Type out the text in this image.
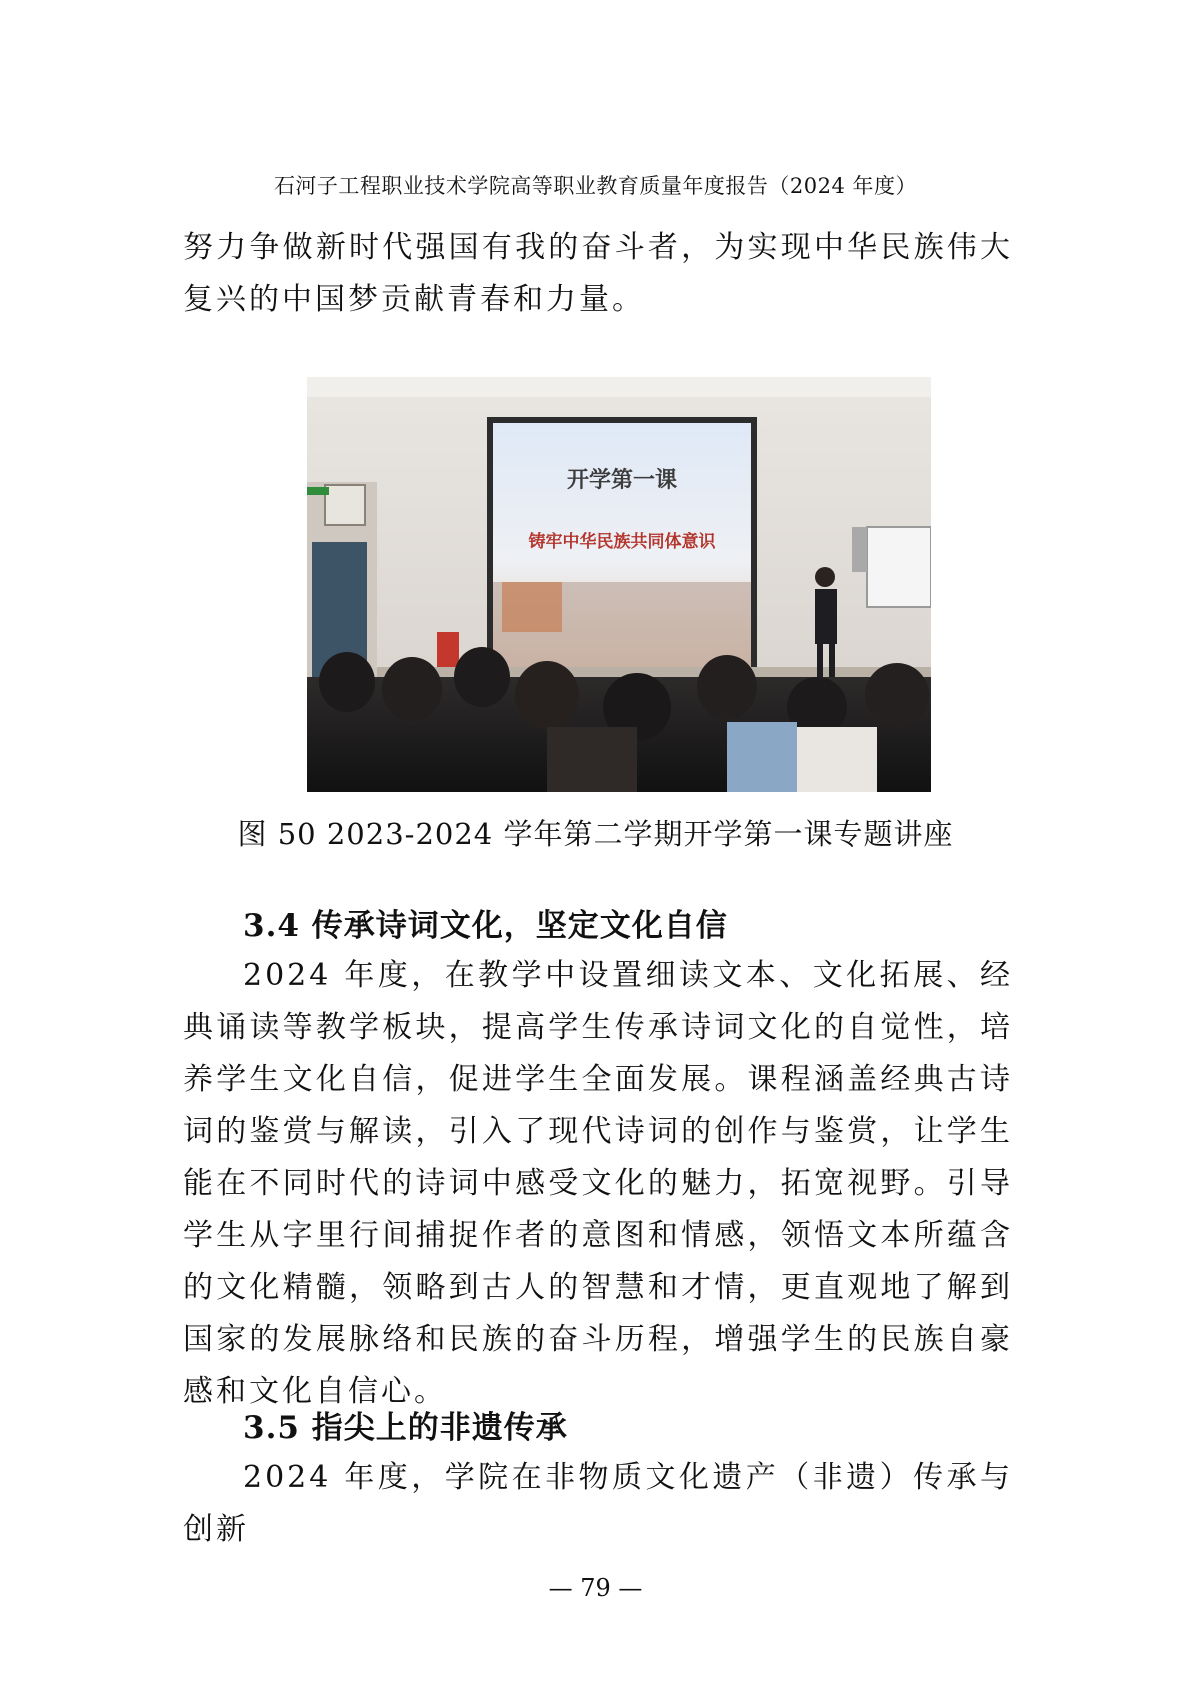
石河子工程职业技术学院高等职业教育质量年度报告（2024 年度）

努力争做新时代强国有我的奋斗者，为实现中华民族伟大复兴的中国梦贡献青春和力量。

开学第一课
铸牢中华民族共同体意识
图 50 2023-2024 学年第二学期开学第一课专题讲座
3.4 传承诗词文化，坚定文化自信

2024 年度，在教学中设置细读文本、文化拓展、经典诵读等教学板块，提高学生传承诗词文化的自觉性，培养学生文化自信，促进学生全面发展。课程涵盖经典古诗词的鉴赏与解读，引入了现代诗词的创作与鉴赏，让学生能在不同时代的诗词中感受文化的魅力，拓宽视野。引导学生从字里行间捕捉作者的意图和情感，领悟文本所蕴含的文化精髓，领略到古人的智慧和才情，更直观地了解到国家的发展脉络和民族的奋斗历程，增强学生的民族自豪感和文化自信心。

3.5 指尖上的非遗传承

2024 年度，学院在非物质文化遗产（非遗）传承与创新

— 79 —
